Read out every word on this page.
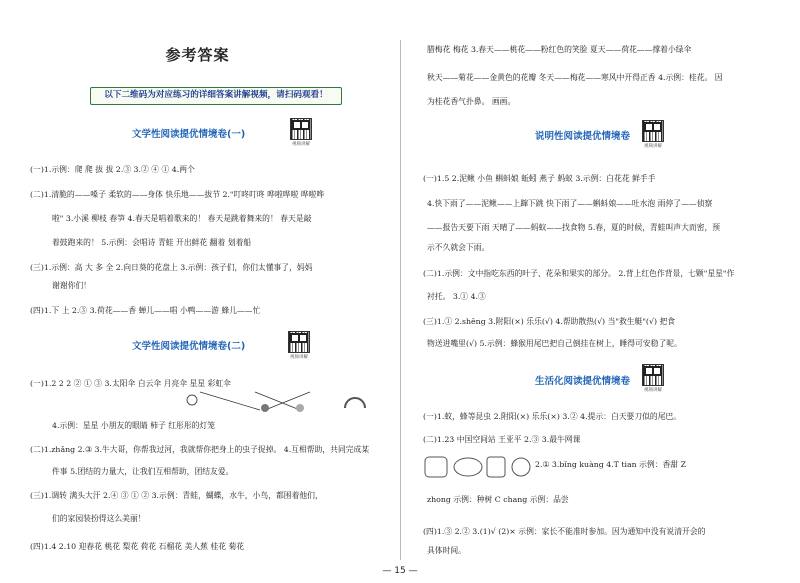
参考答案
以下二维码为对应练习的详细答案讲解视频，请扫码观看！
文学性阅读提优情境卷(一)
视频讲解
(一)1.示例：爬 爬 拔 拔 2.③ 3.② ④ ① 4.两个
(二)1.清脆的——嗓子 柔软的——身体 快乐地——拔节 2."叮咚叮咚 哗啦哗啦 哗啦哗
啦" 3.小溪 柳枝 春笋 4.春天是唱着歌来的！ 春天是跳着舞来的！ 春天是敲
着鼓跑来的！ 5.示例：会唱诗 青蛙 开出鲜花 翻着 划着船
(三)1.示例：高 大 多 全 2.向日葵的花盘上 3.示例：孩子们，你们太懂事了，妈妈
谢谢你们！
(四)1.下 上 2.③ 3.荷花——香 蝉儿——唱 小鸭——游 蜂儿——忙
文学性阅读提优情境卷(二)
视频讲解
(一)1.2 2 2 ② ① ③ 3.太阳伞 白云伞 月亮伞 星星 彩虹伞
4.示例：星星 小朋友的眼睛 柿子 红彤彤的灯笼
(二)1.zhǎng 2.③ 3.牛大哥，你帮我过河，我就帮你把身上的虫子捉掉。 4.互相帮助，共同完成某
件事 5.团结的力量大，让我们互相帮助，团结友爱。
(三)1.调转 满头大汗 2.④ ③ ① ② 3.示例：青蛙，蝴蝶，水牛，小鸟，都围着他们，
们的家园装扮得这么美丽！
(四)1.4 2.10 迎春花 桃花 梨花 荷花 石榴花 美人蕉 桂花 菊花
腊梅花 梅花 3.春天——桃花——粉红色的笑脸 夏天——荷花——撑着小绿伞
秋天——菊花——金黄色的花瓣 冬天——梅花——寒风中开得正香 4.示例：桂花。 因
为桂花香气扑鼻。 画画。
说明性阅读提优情境卷
视频讲解
(一)1.5 2.泥鳅 小鱼 蝌蚪娘 蚯蚓 燕子 蚂蚁 3.示例：白花花 鲜手手
4.快下雨了——泥鳅——上蹿下跳 快下雨了——蝌蚪娘——吐水泡 雨停了——侦察
——报告天要下雨 天晴了——蚂蚁——找食物 5.春，夏的时候，青蛙叫声大而密，预
示不久就会下雨。
(二)1.示例：文中指吃东西的叶子、花朵和果实的部分。 2.背上红色作背景，七颗"星星"作
衬托。 3.① 4.③
(三)1.① 2.shěng 3.附阳(×) 乐乐(√) 4.帮助散热(√) 当"救生艇"(√) 把食
物送进嘴里(√) 5.示例：蜂猴用尾巴把自己倒挂在树上，睡得可安稳了呢。
生活化阅读提优情境卷
视频讲解
(一)1.蚊，蜂等昆虫 2.附阳(×) 乐乐(×) 3.② 4.提示：白天要刀似的尾巴。
(二)1.23 中国空间站 王亚平 2.③ 3.最牛网课
2.① 3.bǐng kuàng 4.T tian 示例：香甜 Z
zhong 示例：种树 C chang 示例：品尝
(四)1.③ 2.② 3.(1)√ (2)× 示例：家长不能准时参加。因为通知中没有说清开会的
具体时间。
— 15 —
